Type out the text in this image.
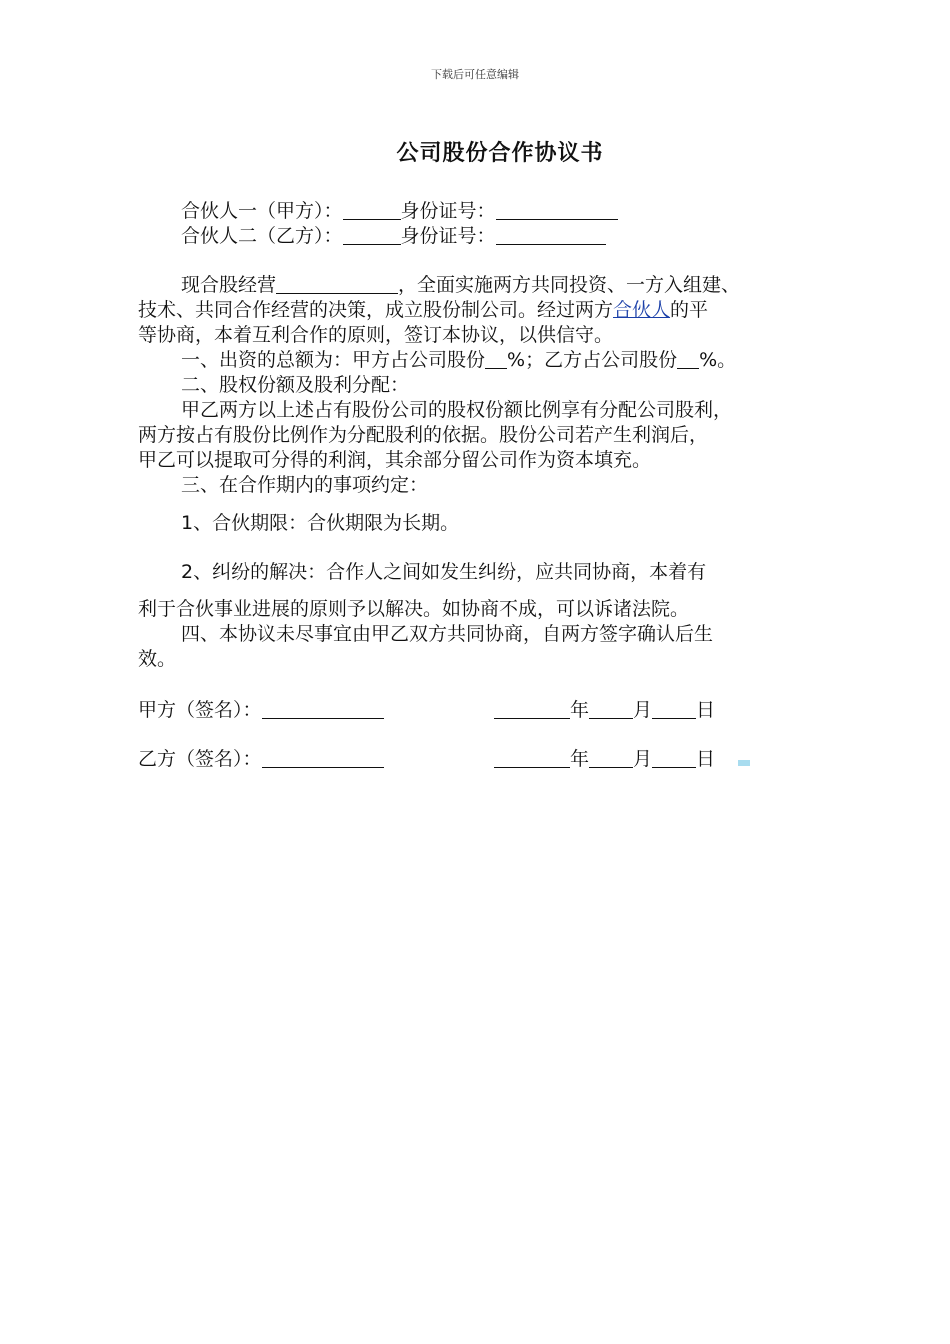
下载后可任意编辑
公司股份合作协议书
合伙人一（甲方）：	身份证号：
合伙人二（乙方）：	身份证号：
现合股经营	，全面实施两方共同投资、一方入组建、
技术、共同合作经营的决策，成立股份制公司。经过两方合伙人的平
等协商，本着互利合作的原则，签订本协议，以供信守。
一、出资的总额为：甲方占公司股份 %；乙方占公司股份 %。
二、股权份额及股利分配：
甲乙两方以上述占有股份公司的股权份额比例享有分配公司股利，
两方按占有股份比例作为分配股利的依据。股份公司若产生利润后，
甲乙可以提取可分得的利润，其余部分留公司作为资本填充。
三、在合作期内的事项约定：
1、合伙期限：合伙期限为长期。
2、纠纷的解决：合作人之间如发生纠纷，应共同协商，本着有
利于合伙事业进展的原则予以解决。如协商不成，可以诉诸法院。
四、本协议未尽事宜由甲乙双方共同协商，自两方签字确认后生
效。
甲方（签名）：	年 月 日
乙方（签名）：	年 月 日
